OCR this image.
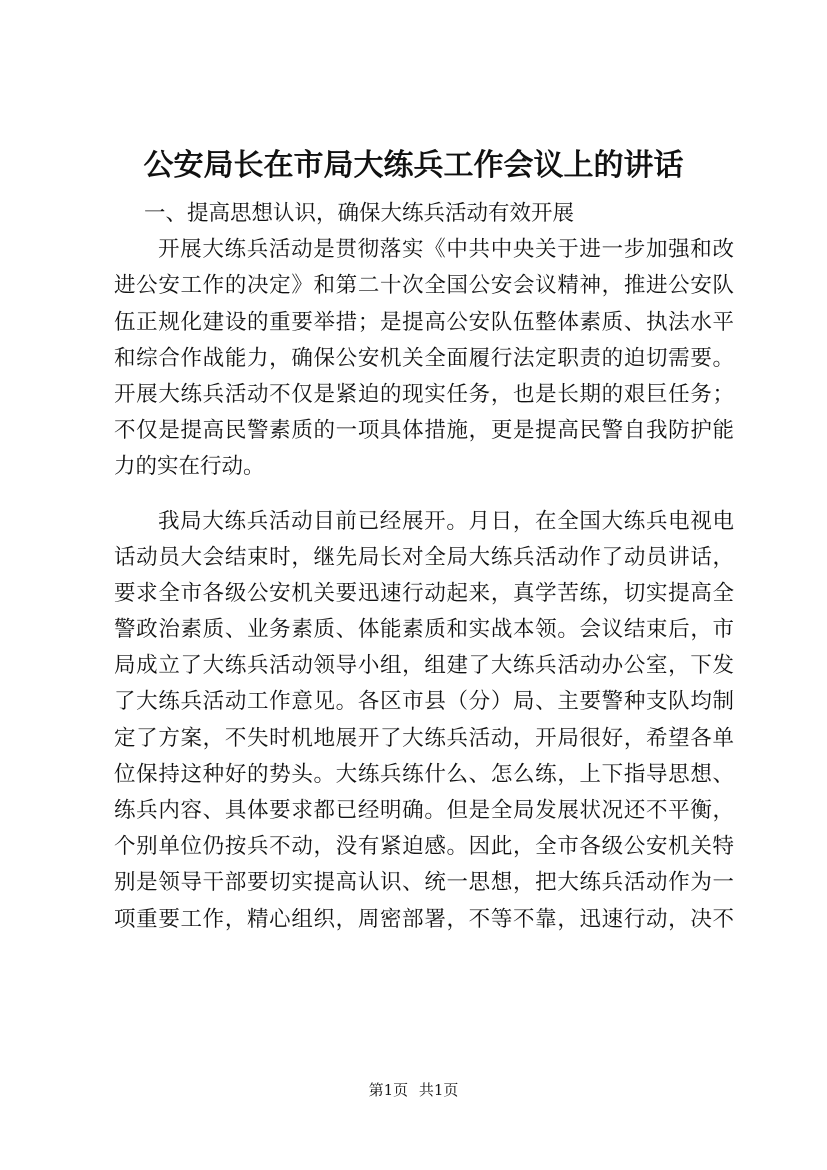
公安局长在市局大练兵工作会议上的讲话
一、提高思想认识，确保大练兵活动有效开展
开展大练兵活动是贯彻落实《中共中央关于进一步加强和改
进公安工作的决定》和第二十次全国公安会议精神，推进公安队
伍正规化建设的重要举措；是提高公安队伍整体素质、执法水平
和综合作战能力，确保公安机关全面履行法定职责的迫切需要。
开展大练兵活动不仅是紧迫的现实任务，也是长期的艰巨任务；
不仅是提高民警素质的一项具体措施，更是提高民警自我防护能
力的实在行动。
我局大练兵活动目前已经展开。月日，在全国大练兵电视电
话动员大会结束时，继先局长对全局大练兵活动作了动员讲话，
要求全市各级公安机关要迅速行动起来，真学苦练，切实提高全
警政治素质、业务素质、体能素质和实战本领。会议结束后，市
局成立了大练兵活动领导小组，组建了大练兵活动办公室，下发
了大练兵活动工作意见。各区市县（分）局、主要警种支队均制
定了方案，不失时机地展开了大练兵活动，开局很好，希望各单
位保持这种好的势头。大练兵练什么、怎么练，上下指导思想、
练兵内容、具体要求都已经明确。但是全局发展状况还不平衡，
个别单位仍按兵不动，没有紧迫感。因此，全市各级公安机关特
别是领导干部要切实提高认识、统一思想，把大练兵活动作为一
项重要工作，精心组织，周密部署，不等不靠，迅速行动，决不
第1页 共1页
